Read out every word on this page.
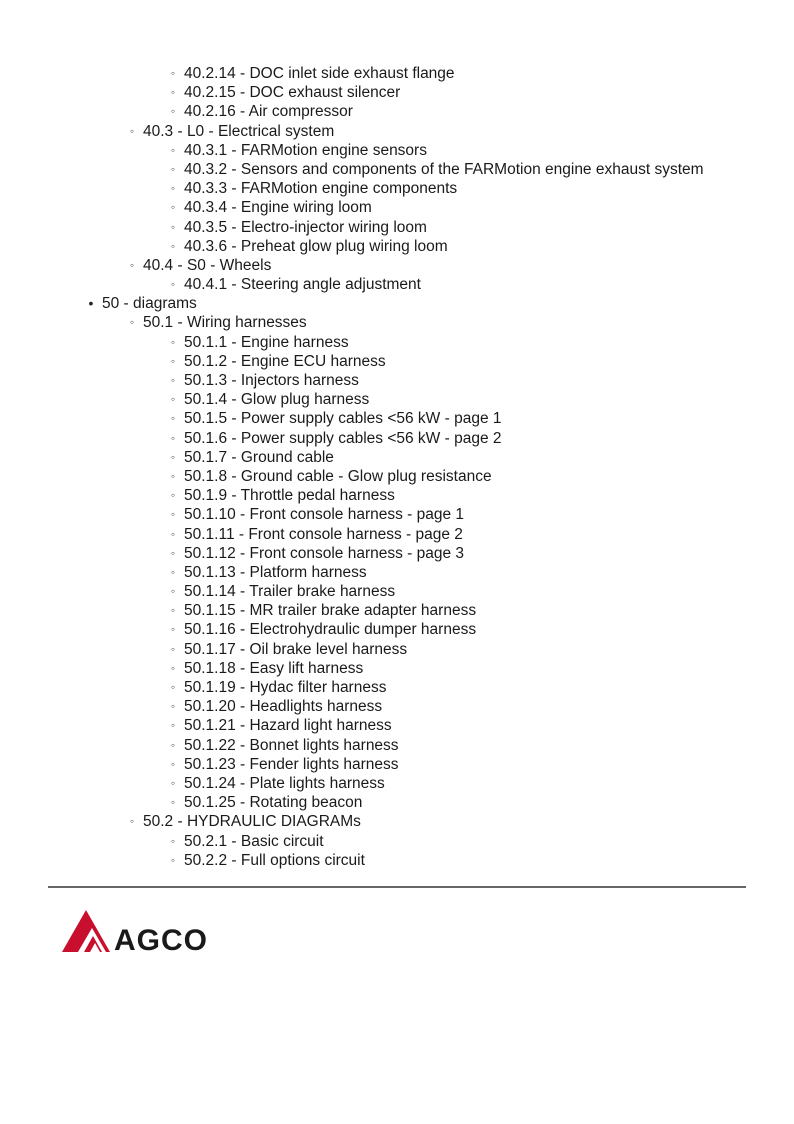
◦ 40.2.14 - DOC inlet side exhaust flange
◦ 40.2.15 - DOC exhaust silencer
◦ 40.2.16 - Air compressor
◦ 40.3 - L0 - Electrical system
◦ 40.3.1 - FARMotion engine sensors
◦ 40.3.2 - Sensors and components of the FARMotion engine exhaust system
◦ 40.3.3 - FARMotion engine components
◦ 40.3.4 - Engine wiring loom
◦ 40.3.5 - Electro-injector wiring loom
◦ 40.3.6 - Preheat glow plug wiring loom
◦ 40.4 - S0 - Wheels
◦ 40.4.1 - Steering angle adjustment
• 50 - diagrams
◦ 50.1 - Wiring harnesses
◦ 50.1.1 - Engine harness
◦ 50.1.2 - Engine ECU harness
◦ 50.1.3 - Injectors harness
◦ 50.1.4 - Glow plug harness
◦ 50.1.5 - Power supply cables <56 kW - page 1
◦ 50.1.6 - Power supply cables <56 kW - page 2
◦ 50.1.7 - Ground cable
◦ 50.1.8 - Ground cable - Glow plug resistance
◦ 50.1.9 - Throttle pedal harness
◦ 50.1.10 - Front console harness - page 1
◦ 50.1.11 - Front console harness - page 2
◦ 50.1.12 - Front console harness - page 3
◦ 50.1.13 - Platform harness
◦ 50.1.14 - Trailer brake harness
◦ 50.1.15 - MR trailer brake adapter harness
◦ 50.1.16 - Electrohydraulic dumper harness
◦ 50.1.17 - Oil brake level harness
◦ 50.1.18 - Easy lift harness
◦ 50.1.19 - Hydac filter harness
◦ 50.1.20 - Headlights harness
◦ 50.1.21 - Hazard light harness
◦ 50.1.22 - Bonnet lights harness
◦ 50.1.23 - Fender lights harness
◦ 50.1.24 - Plate lights harness
◦ 50.1.25 - Rotating beacon
◦ 50.2 - HYDRAULIC DIAGRAMs
◦ 50.2.1 - Basic circuit
◦ 50.2.2 - Full options circuit
AGCO
